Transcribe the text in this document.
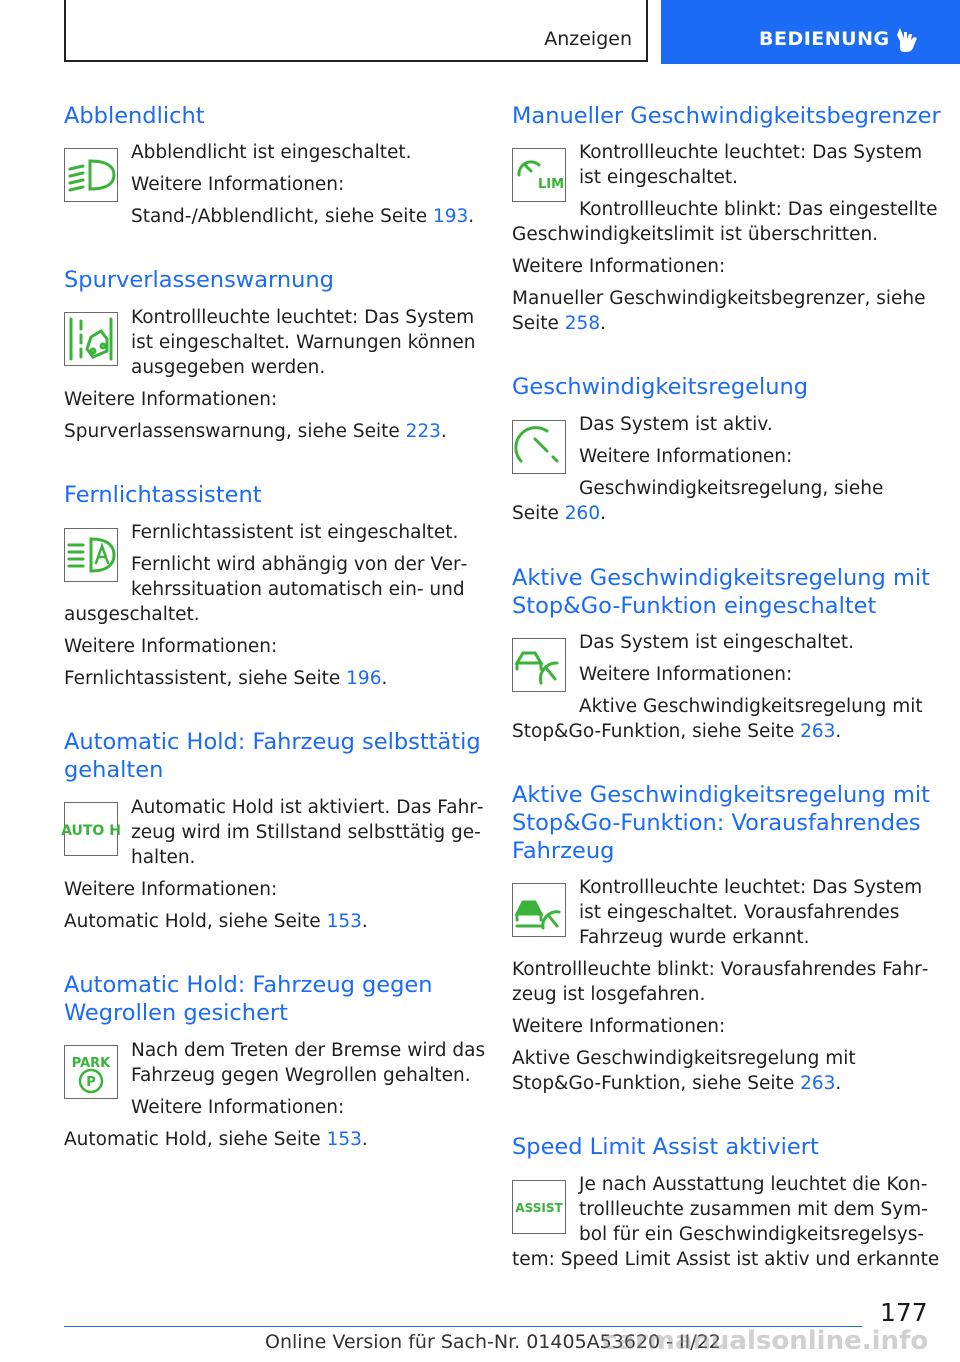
Anzeigen	BEDIENUNG
Abblendlicht
Abblendlicht ist eingeschaltet.
Weitere Informationen:
Stand-/Abblendlicht, siehe Seite 193.
Spurverlassenswarnung
Kontrollleuchte leuchtet: Das System
ist eingeschaltet. Warnungen können
ausgegeben werden.
Weitere Informationen:
Spurverlassenswarnung, siehe Seite 223.
Fernlichtassistent
Fernlichtassistent ist eingeschaltet.
Fernlicht wird abhängig von der Ver‐
kehrssituation automatisch ein- und
ausgeschaltet.
Weitere Informationen:
Fernlichtassistent, siehe Seite 196.
Automatic Hold: Fahrzeug selbsttätig
gehalten
AUTO H
Automatic Hold ist aktiviert. Das Fahr‐
zeug wird im Stillstand selbsttätig ge‐
halten.
Weitere Informationen:
Automatic Hold, siehe Seite 153.
Automatic Hold: Fahrzeug gegen
Wegrollen gesichert
PARK
P
Nach dem Treten der Bremse wird das
Fahrzeug gegen Wegrollen gehalten.
Weitere Informationen:
Automatic Hold, siehe Seite 153.
Manueller Geschwindigkeitsbegrenzer
LIM
Kontrollleuchte leuchtet: Das System
ist eingeschaltet.
Kontrollleuchte blinkt: Das eingestellte
Geschwindigkeitslimit ist überschritten.
Weitere Informationen:
Manueller Geschwindigkeitsbegrenzer, siehe
Seite 258.
Geschwindigkeitsregelung
Das System ist aktiv.
Weitere Informationen:
Geschwindigkeitsregelung, siehe
Seite 260.
Aktive Geschwindigkeitsregelung mit
Stop&Go-Funktion eingeschaltet
Das System ist eingeschaltet.
Weitere Informationen:
Aktive Geschwindigkeitsregelung mit
Stop&Go-Funktion, siehe Seite 263.
Aktive Geschwindigkeitsregelung mit
Stop&Go-Funktion: Vorausfahrendes
Fahrzeug
Kontrollleuchte leuchtet: Das System
ist eingeschaltet. Vorausfahrendes
Fahrzeug wurde erkannt.
Kontrollleuchte blinkt: Vorausfahrendes Fahr‐
zeug ist losgefahren.
Weitere Informationen:
Aktive Geschwindigkeitsregelung mit
Stop&Go-Funktion, siehe Seite 263.
Speed Limit Assist aktiviert
ASSIST
Je nach Ausstattung leuchtet die Kon‐
trollleuchte zusammen mit dem Sym‐
bol für ein Geschwindigkeitsregelsys‐
tem: Speed Limit Assist ist aktiv und erkannte
177
Online Version für Sach-Nr. 01405A53620 - II/22
carmanualsonline.info
